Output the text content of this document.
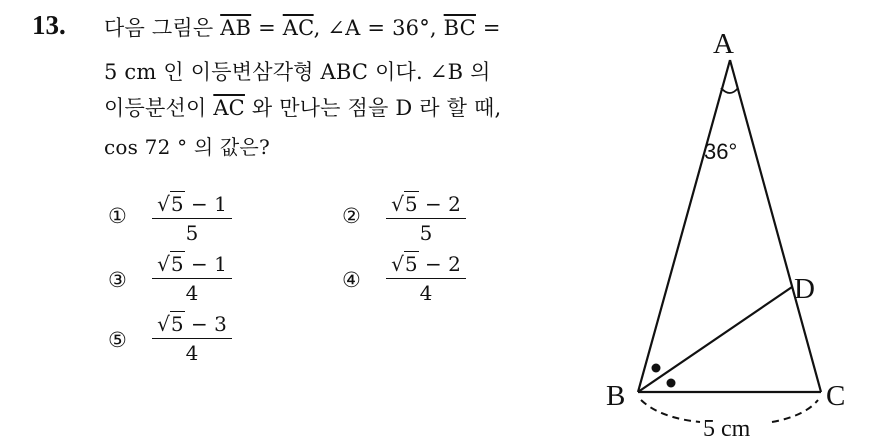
13. 다음 그림은 $\overline{AB} = \overline{AC}$, ∠A = 36°, $\overline{BC}$ =
5 cm 인 이등변삼각형 ABC 이다. ∠B 의
이등분선이 $\overline{AC}$ 와 만나는 점을 D 라 할 때,
cos 72 ° 의 값은?
① √5 − 1
5
② √5 − 2
5
③
√5 − 1
4
④
√5 − 2
4
⑤
√5 − 3
4
A
B	C
D
36°
5 cm
